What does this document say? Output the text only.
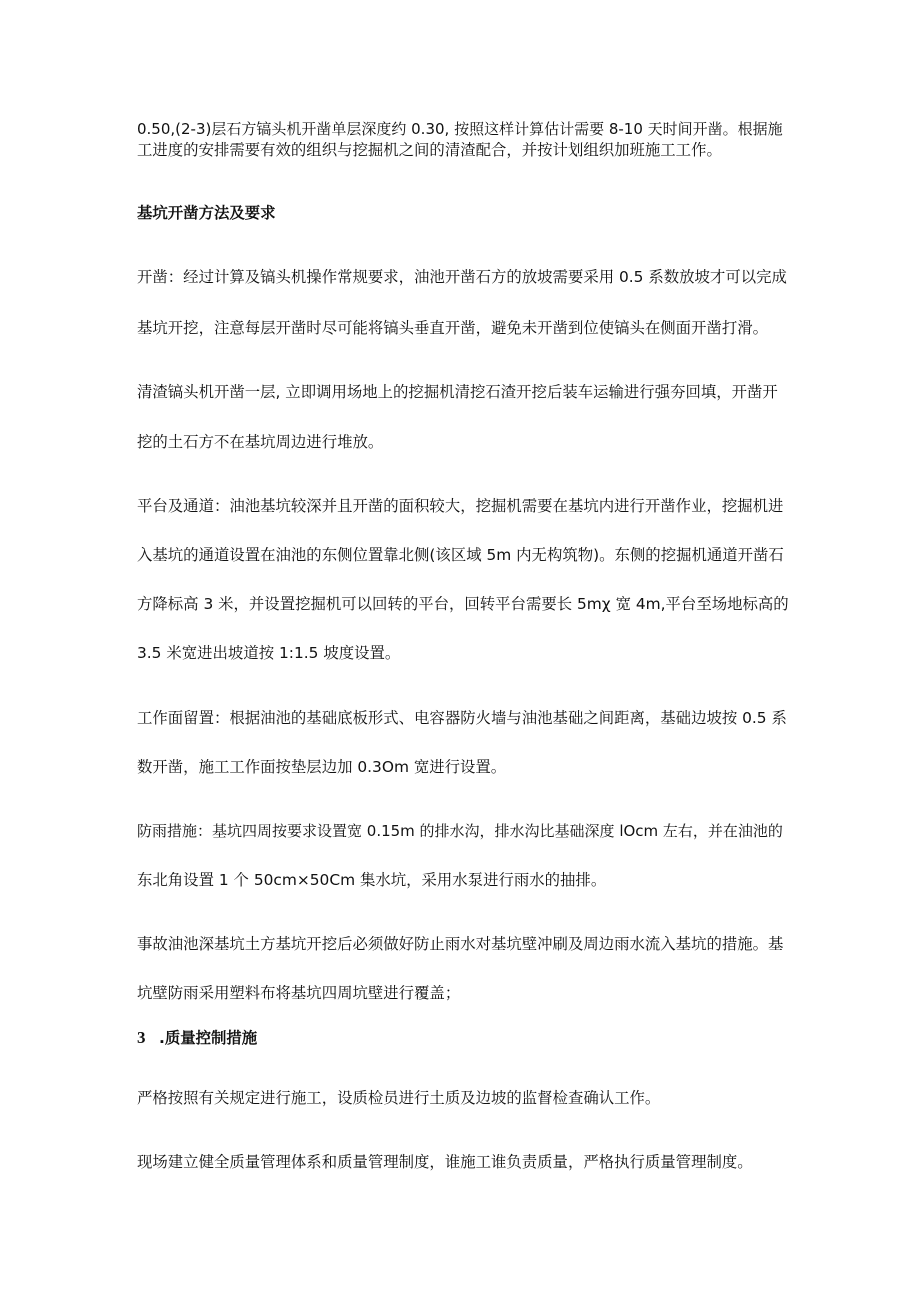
0.50,(2-3)层石方镐头机开凿单层深度约 0.30, 按照这样计算估计需要 8-10 天时间开凿。根据施
工进度的安排需要有效的组织与挖掘机之间的清渣配合，并按计划组织加班施工工作。
基坑开凿方法及要求
开凿：经过计算及镐头机操作常规要求，油池开凿石方的放坡需要采用 0.5 系数放坡才可以完成
基坑开挖，注意每层开凿时尽可能将镐头垂直开凿，避免未开凿到位使镐头在侧面开凿打滑。
清渣镐头机开凿一层, 立即调用场地上的挖掘机清挖石渣开挖后装车运输进行强夯回填，开凿开
挖的土石方不在基坑周边进行堆放。
平台及通道：油池基坑较深并且开凿的面积较大，挖掘机需要在基坑内进行开凿作业，挖掘机进
入基坑的通道设置在油池的东侧位置靠北侧(该区域 5m 内无构筑物)。东侧的挖掘机通道开凿石
方降标高 3 米，并设置挖掘机可以回转的平台，回转平台需要长 5mχ 宽 4m,平台至场地标高的
3.5 米宽进出坡道按 1:1.5 坡度设置。
工作面留置：根据油池的基础底板形式、电容器防火墙与油池基础之间距离，基础边坡按 0.5 系
数开凿，施工工作面按垫层边加 0.3Om 宽进行设置。
防雨措施：基坑四周按要求设置宽 0.15m 的排水沟，排水沟比基础深度 lOcm 左右，并在油池的
东北角设置 1 个 50cm×50Cm 集水坑，采用水泵进行雨水的抽排。
事故油池深基坑土方基坑开挖后必须做好防止雨水对基坑壁冲刷及周边雨水流入基坑的措施。基
坑壁防雨采用塑料布将基坑四周坑壁进行覆盖；
3 .质量控制措施
严格按照有关规定进行施工，设质检员进行土质及边坡的监督检查确认工作。
现场建立健全质量管理体系和质量管理制度，谁施工谁负责质量，严格执行质量管理制度。
